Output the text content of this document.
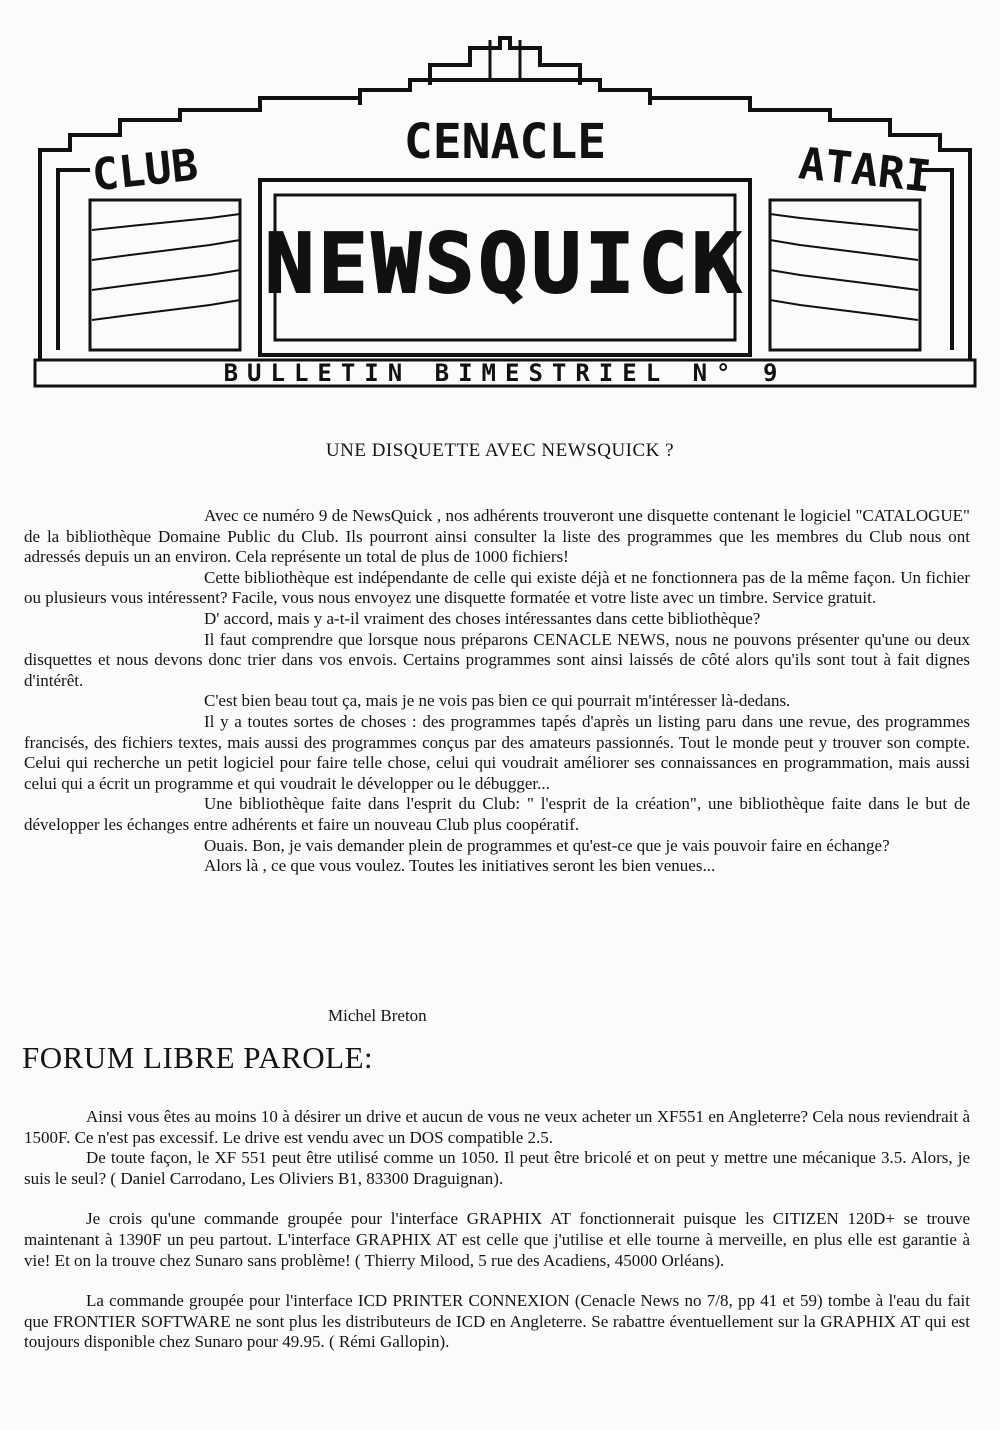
CLUB	CENACLE	ATARI
NEWSQUICK
BULLETIN BIMESTRIEL N° 9
UNE DISQUETTE AVEC NEWSQUICK ?

Avec ce numéro 9 de NewsQuick , nos adhérents trouveront une disquette contenant le logiciel "CATALOGUE" de la bibliothèque Domaine Public du Club. Ils pourront ainsi consulter la liste des programmes que les membres du Club nous ont adressés depuis un an environ. Cela représente un total de plus de 1000 fichiers!

Cette bibliothèque est indépendante de celle qui existe déjà et ne fonctionnera pas de la même façon. Un fichier ou plusieurs vous intéressent? Facile, vous nous envoyez une disquette formatée et votre liste avec un timbre. Service gratuit.

D' accord, mais y a-t-il vraiment des choses intéressantes dans cette bibliothèque?

Il faut comprendre que lorsque nous préparons CENACLE NEWS, nous ne pouvons présenter qu'une ou deux disquettes et nous devons donc trier dans vos envois. Certains programmes sont ainsi laissés de côté alors qu'ils sont tout à fait dignes d'intérêt.

C'est bien beau tout ça, mais je ne vois pas bien ce qui pourrait m'intéresser là-dedans.

Il y a toutes sortes de choses : des programmes tapés d'après un listing paru dans une revue, des programmes francisés, des fichiers textes, mais aussi des programmes conçus par des amateurs passionnés. Tout le monde peut y trouver son compte. Celui qui recherche un petit logiciel pour faire telle chose, celui qui voudrait améliorer ses connaissances en programmation, mais aussi celui qui a écrit un programme et qui voudrait le développer ou le débugger...

Une bibliothèque faite dans l'esprit du Club: " l'esprit de la création", une bibliothèque faite dans le but de développer les échanges entre adhérents et faire un nouveau Club plus coopératif.

Ouais. Bon, je vais demander plein de programmes et qu'est-ce que je vais pouvoir faire en échange?

Alors là , ce que vous voulez. Toutes les initiatives seront les bien venues...

Michel Breton
FORUM LIBRE PAROLE:

Ainsi vous êtes au moins 10 à désirer un drive et aucun de vous ne veux acheter un XF551 en Angleterre? Cela nous reviendrait à 1500F. Ce n'est pas excessif. Le drive est vendu avec un DOS compatible 2.5.

De toute façon, le XF 551 peut être utilisé comme un 1050. Il peut être bricolé et on peut y mettre une mécanique 3.5. Alors, je suis le seul? ( Daniel Carrodano, Les Oliviers B1, 83300 Draguignan).

Je crois qu'une commande groupée pour l'interface GRAPHIX AT fonctionnerait puisque les CITIZEN 120D+ se trouve maintenant à 1390F un peu partout. L'interface GRAPHIX AT est celle que j'utilise et elle tourne à merveille, en plus elle est garantie à vie! Et on la trouve chez Sunaro sans problème! ( Thierry Milood, 5 rue des Acadiens, 45000 Orléans).

La commande groupée pour l'interface ICD PRINTER CONNEXION (Cenacle News no 7/8, pp 41 et 59) tombe à l'eau du fait que FRONTIER SOFTWARE ne sont plus les distributeurs de ICD en Angleterre. Se rabattre éventuellement sur la GRAPHIX AT qui est toujours disponible chez Sunaro pour 49.95. ( Rémi Gallopin).
